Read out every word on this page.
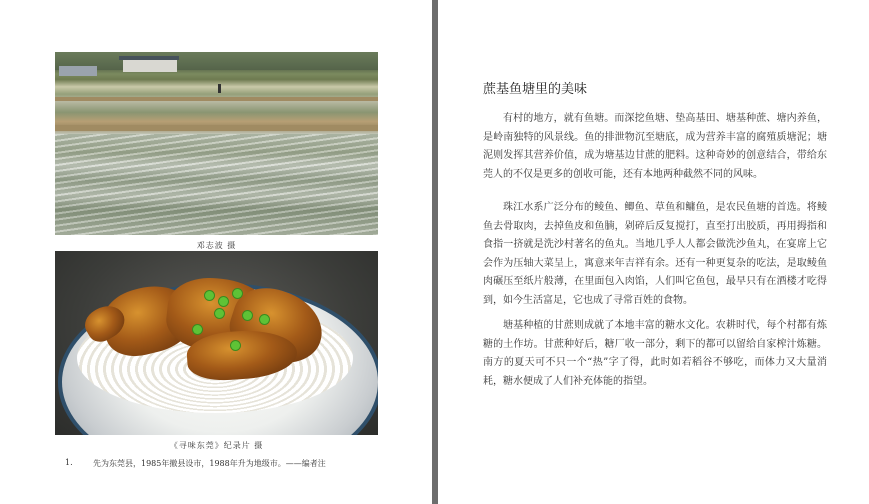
邓志波 摄
《寻味东莞》纪录片 摄
1.	先为东莞县，1985年撤县设市，1988年升为地级市。——编者注
蔗基鱼塘里的美味

有村的地方，就有鱼塘。而深挖鱼塘、垫高基田、塘基种蔗、塘内养鱼，是岭南独特的风景线。鱼的排泄物沉至塘底，成为营养丰富的腐殖质塘泥；塘泥则发挥其营养价值，成为塘基边甘蔗的肥料。这种奇妙的创意结合，带给东莞人的不仅是更多的创收可能，还有本地两种截然不同的风味。

珠江水系广泛分布的鲮鱼、鲫鱼、草鱼和鳙鱼，是农民鱼塘的首选。将鲮鱼去骨取肉，去掉鱼皮和鱼腩，剁碎后反复搅打，直至打出胶质，再用拇指和食指一挤就是洗沙村著名的鱼丸。当地几乎人人都会做洗沙鱼丸，在宴席上它会作为压轴大菜呈上，寓意来年吉祥有余。还有一种更复杂的吃法，是取鲮鱼肉碾压至纸片般薄，在里面包入肉馅，人们叫它鱼包，最早只有在酒楼才吃得到，如今生活富足，它也成了寻常百姓的食物。

塘基种植的甘蔗则成就了本地丰富的糖水文化。农耕时代，每个村都有炼糖的土作坊。甘蔗种好后，糖厂收一部分，剩下的都可以留给自家榨汁炼糖。南方的夏天可不只一个“热”字了得，此时如若稻谷不够吃，而体力又大量消耗，糖水便成了人们补充体能的指望。
